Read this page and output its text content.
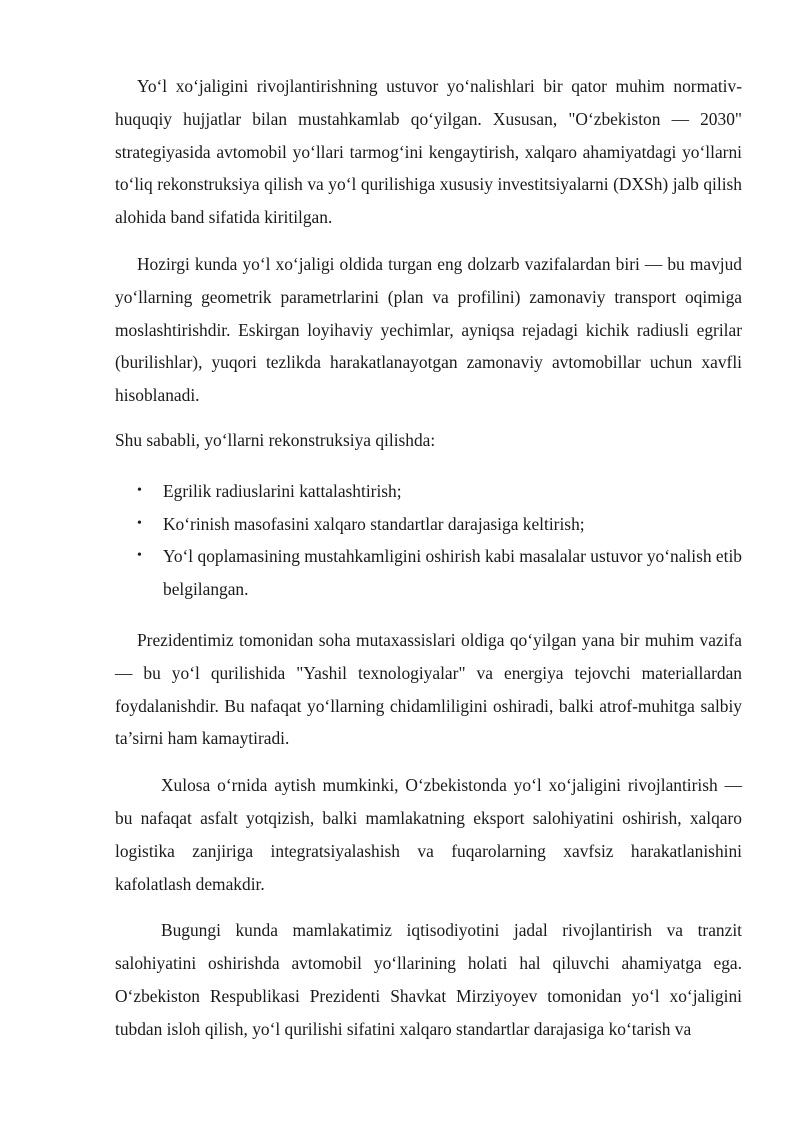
Yo‘l xo‘jaligini rivojlantirishning ustuvor yo‘nalishlari bir qator muhim normativ-huquqiy hujjatlar bilan mustahkamlab qo‘yilgan. Xususan, "O‘zbekiston — 2030" strategiyasida avtomobil yo‘llari tarmog‘ini kengaytirish, xalqaro ahamiyatdagi yo‘llarni to‘liq rekonstruksiya qilish va yo‘l qurilishiga xususiy investitsiyalarni (DXSh) jalb qilish alohida band sifatida kiritilgan.

Hozirgi kunda yo‘l xo‘jaligi oldida turgan eng dolzarb vazifalardan biri — bu mavjud yo‘llarning geometrik parametrlarini (plan va profilini) zamonaviy transport oqimiga moslashtirishdir. Eskirgan loyihaviy yechimlar, ayniqsa rejadagi kichik radiusli egrilar (burilishlar), yuqori tezlikda harakatlanayotgan zamonaviy avtomobillar uchun xavfli hisoblanadi.

Shu sababli, yo‘llarni rekonstruksiya qilishda:

• Egrilik radiuslarini kattalashtirish;
• Ko‘rinish masofasini xalqaro standartlar darajasiga keltirish;
• Yo‘l qoplamasining mustahkamligini oshirish kabi masalalar ustuvor yo‘nalish etib belgilangan.

Prezidentimiz tomonidan soha mutaxassislari oldiga qo‘yilgan yana bir muhim vazifa — bu yo‘l qurilishida "Yashil texnologiyalar" va energiya tejovchi materiallardan foydalanishdir. Bu nafaqat yo‘llarning chidamliligini oshiradi, balki atrof-muhitga salbiy ta’sirni ham kamaytiradi.

Xulosa o‘rnida aytish mumkinki, O‘zbekistonda yo‘l xo‘jaligini rivojlantirish — bu nafaqat asfalt yotqizish, balki mamlakatning eksport salohiyatini oshirish, xalqaro logistika zanjiriga integratsiyalashish va fuqarolarning xavfsiz harakatlanishini kafolatlash demakdir.

Bugungi kunda mamlakatimiz iqtisodiyotini jadal rivojlantirish va tranzit salohiyatini oshirishda avtomobil yo‘llarining holati hal qiluvchi ahamiyatga ega. O‘zbekiston Respublikasi Prezidenti Shavkat Mirziyoyev tomonidan yo‘l xo‘jaligini tubdan isloh qilish, yo‘l qurilishi sifatini xalqaro standartlar darajasiga ko‘tarish va
